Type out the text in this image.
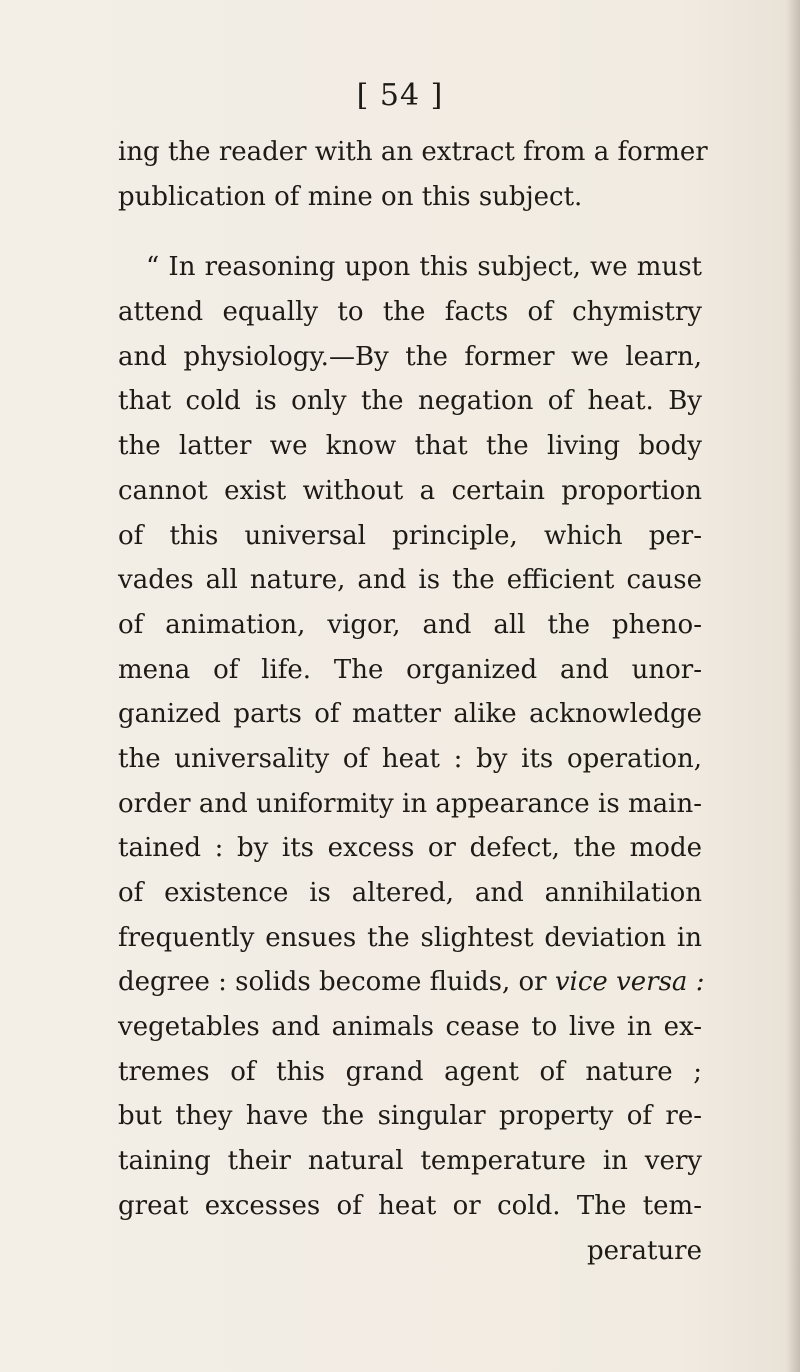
[ 54 ]
ing the reader with an extract from a former
publication of mine on this subject.
“ In reasoning upon this subject, we must
attend equally to the facts of chymistry
and physiology.—By the former we learn,
that cold is only the negation of heat. By
the latter we know that the living body
cannot exist without a certain proportion
of this universal principle, which per-
vades all nature, and is the efficient cause
of animation, vigor, and all the pheno-
mena of life. The organized and unor-
ganized parts of matter alike acknowledge
the universality of heat : by its operation,
order and uniformity in appearance is main-
tained : by its excess or defect, the mode
of existence is altered, and annihilation
frequently ensues the slightest deviation in
degree : solids become fluids, or vice versa :
vegetables and animals cease to live in ex-
tremes of this grand agent of nature ;
but they have the singular property of re-
taining their natural temperature in very
great excesses of heat or cold. The tem-
perature
